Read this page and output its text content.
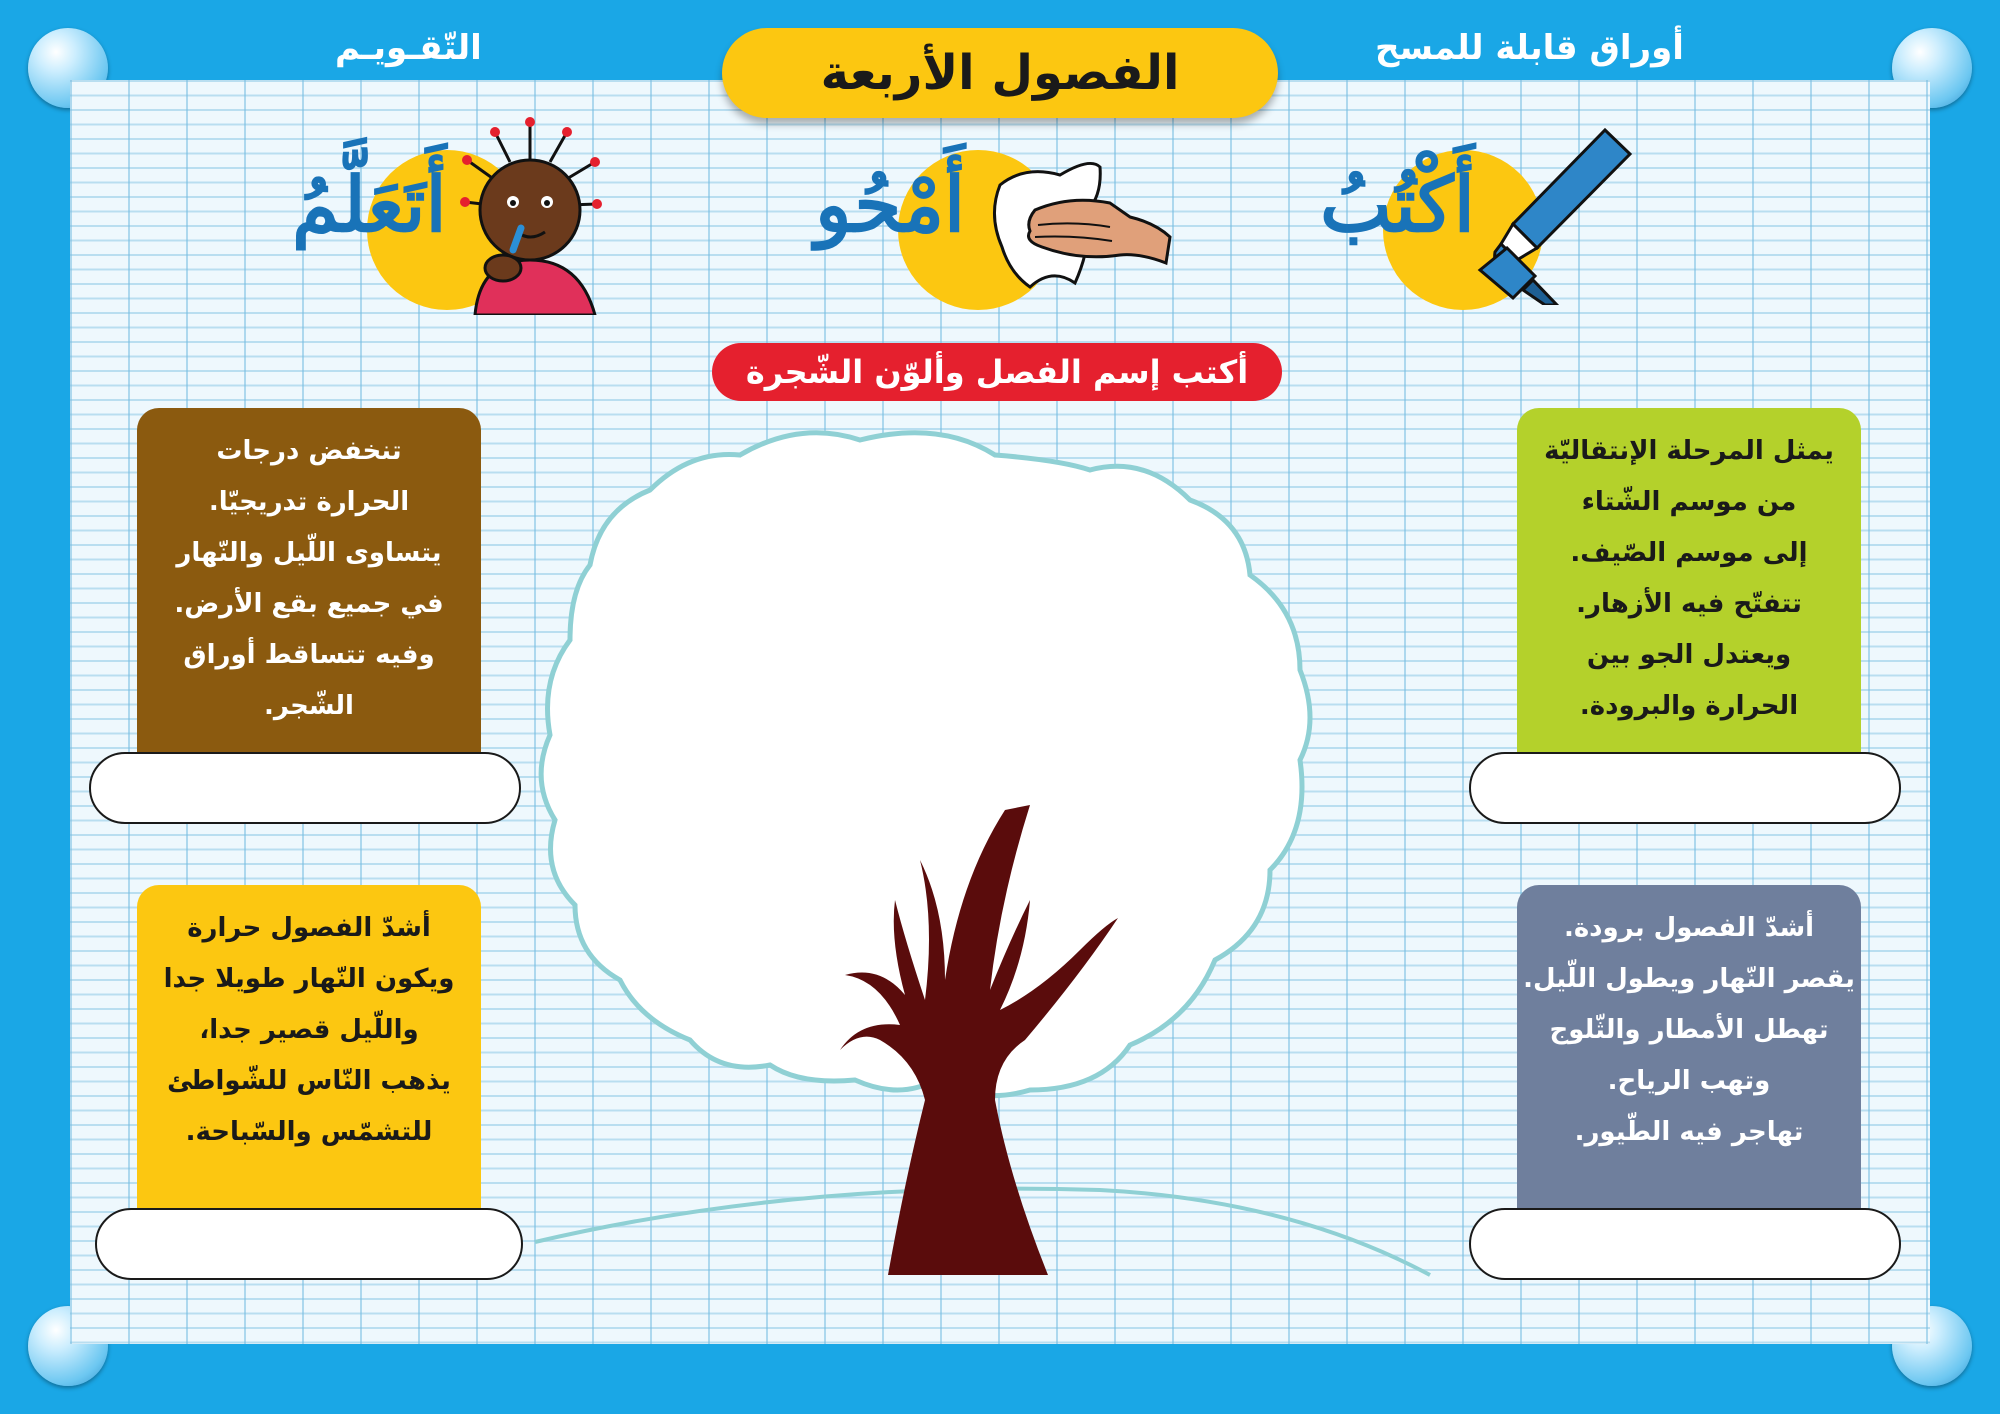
التّقـويـم	أوراق قابلة للمسح
الفصول الأربعة
أَتَعَلَّمُ	أَمْحُو	أَكْتُبُ
أكتب إسم الفصل وألوّن الشّجرة
تنخفض درجات
الحرارة تدريجيّا.
يتساوى اللّيل والنّهار
في جميع بقع الأرض.
وفيه تتساقط أوراق
الشّجر.
يمثل المرحلة الإنتقاليّة
من موسم الشّتاء
إلى موسم الصّيف.
تتفتّح فيه الأزهار.
ويعتدل الجو بين
الحرارة والبرودة.
أشدّ الفصول حرارة
ويكون النّهار طويلا جدا
واللّيل قصير جدا،
يذهب النّاس للشّواطئ
للتشمّس والسّباحة.
أشدّ الفصول برودة.
يقصر النّهار ويطول اللّيل.
تهطل الأمطار والثّلوج
وتهب الرياح.
تهاجر فيه الطّيور.
